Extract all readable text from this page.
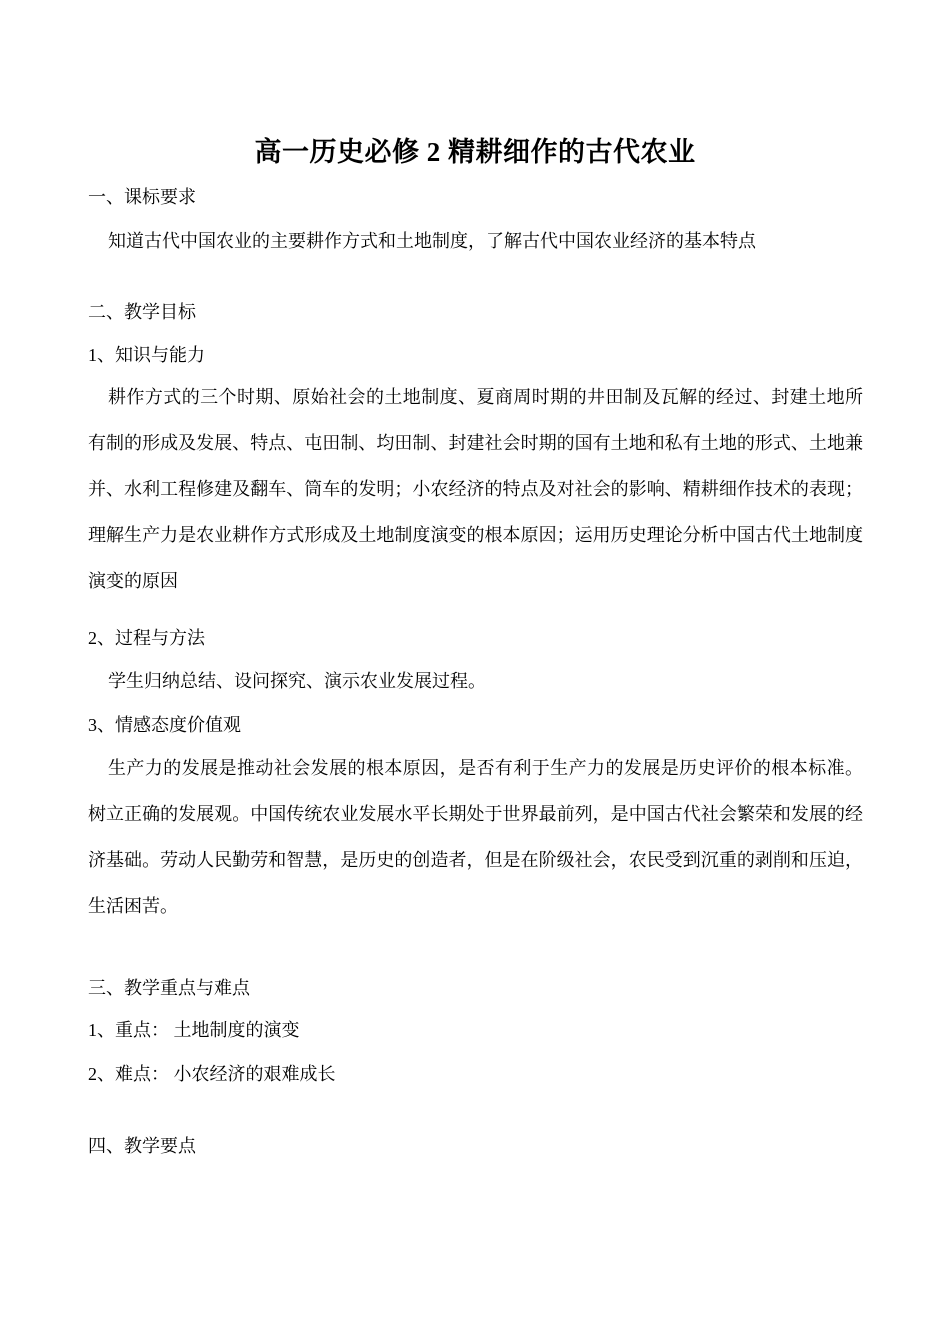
高一历史必修 2 精耕细作的古代农业
一、课标要求
知道古代中国农业的主要耕作方式和土地制度，了解古代中国农业经济的基本特点
二、教学目标
1、知识与能力
耕作方式的三个时期、原始社会的土地制度、夏商周时期的井田制及瓦解的经过、封建土地所有制的形成及发展、特点、屯田制、均田制、封建社会时期的国有土地和私有土地的形式、土地兼并、水利工程修建及翻车、筒车的发明；小农经济的特点及对社会的影响、精耕细作技术的表现；理解生产力是农业耕作方式形成及土地制度演变的根本原因；运用历史理论分析中国古代土地制度演变的原因
2、过程与方法
学生归纳总结、设问探究、演示农业发展过程。
3、情感态度价值观
生产力的发展是推动社会发展的根本原因，是否有利于生产力的发展是历史评价的根本标准。树立正确的发展观。中国传统农业发展水平长期处于世界最前列，是中国古代社会繁荣和发展的经济基础。劳动人民勤劳和智慧，是历史的创造者，但是在阶级社会，农民受到沉重的剥削和压迫，生活困苦。
三、教学重点与难点
1、重点： 土地制度的演变
2、难点： 小农经济的艰难成长
四、教学要点
